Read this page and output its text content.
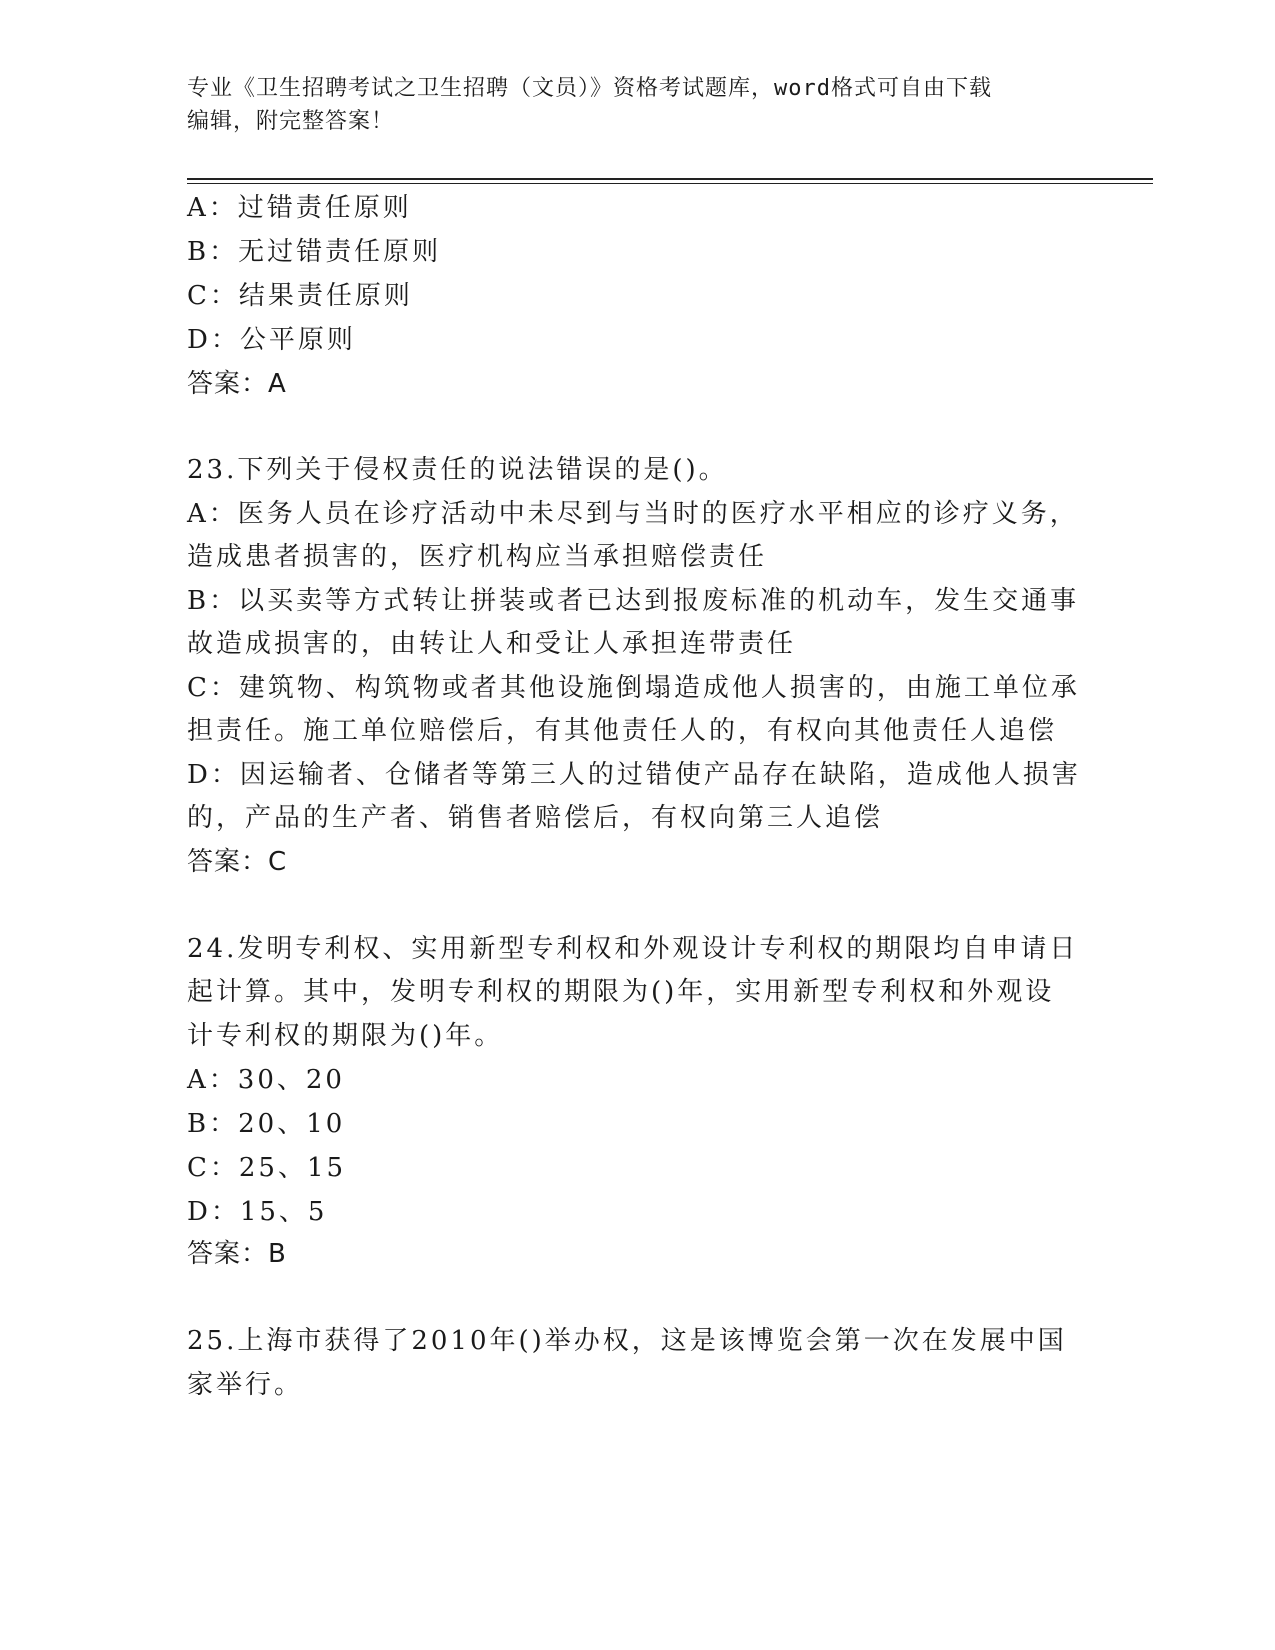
专业《卫生招聘考试之卫生招聘（文员）》资格考试题库，word格式可自由下载
编辑，附完整答案！
A：过错责任原则
B：无过错责任原则
C：结果责任原则
D：公平原则
答案：A
23.下列关于侵权责任的说法错误的是()。
A：医务人员在诊疗活动中未尽到与当时的医疗水平相应的诊疗义务，
造成患者损害的，医疗机构应当承担赔偿责任
B：以买卖等方式转让拼装或者已达到报废标准的机动车，发生交通事
故造成损害的，由转让人和受让人承担连带责任
C：建筑物、构筑物或者其他设施倒塌造成他人损害的，由施工单位承
担责任。施工单位赔偿后，有其他责任人的，有权向其他责任人追偿
D：因运输者、仓储者等第三人的过错使产品存在缺陷，造成他人损害
的，产品的生产者、销售者赔偿后，有权向第三人追偿
答案：C
24.发明专利权、实用新型专利权和外观设计专利权的期限均自申请日
起计算。其中，发明专利权的期限为()年，实用新型专利权和外观设
计专利权的期限为()年。
A：30、20
B：20、10
C：25、15
D：15、5
答案：B
25.上海市获得了2010年()举办权，这是该博览会第一次在发展中国
家举行。
